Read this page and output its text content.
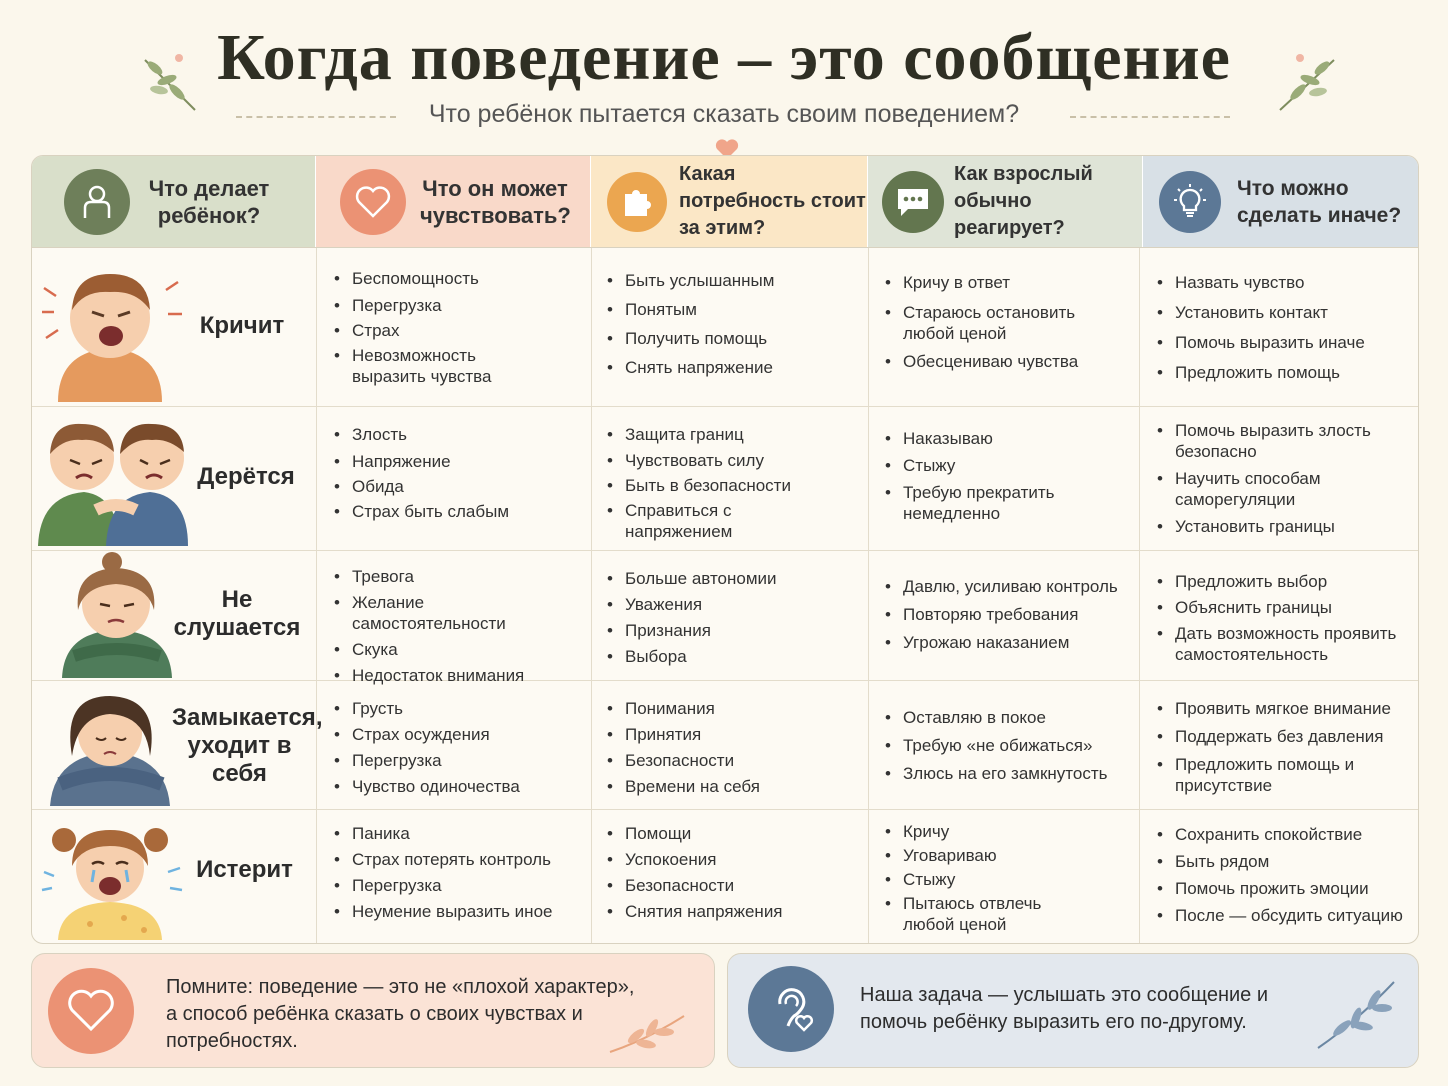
Когда поведение – это сообщение
Что ребёнок пытается сказать своим поведением?
Что делает ребёнок?
Что он может чувствовать?
Какая потребность стоит за этим?
Как взрослый обычно реагирует?
Что можно сделать иначе?
Кричит
• Беспомощность
• Перегрузка
• Страх
• Невозможность выразить чувства
• Быть услышанным
• Понятым
• Получить помощь
• Снять напряжение
• Кричу в ответ
• Стараюсь остановить любой ценой
• Обесцениваю чувства
• Назвать чувство
• Установить контакт
• Помочь выразить иначе
• Предложить помощь
Дерётся
• Злость
• Напряжение
• Обида
• Страх быть слабым
• Защита границ
• Чувствовать силу
• Быть в безопасности
• Справиться с напряжением
• Наказываю
• Стыжу
• Требую прекратить немедленно
• Помочь выразить злость безопасно
• Научить способам саморегуляции
• Установить границы
Не слушается
• Тревога
• Желание самостоятельности
• Скука
• Недостаток внимания
• Больше автономии
• Уважения
• Признания
• Выбора
• Давлю, усиливаю контроль
• Повторяю требования
• Угрожаю наказанием
• Предложить выбор
• Объяснить границы
• Дать возможность проявить самостоятельность
Замыкается, уходит в себя
• Грусть
• Страх осуждения
• Перегрузка
• Чувство одиночества
• Понимания
• Принятия
• Безопасности
• Времени на себя
• Оставляю в покое
• Требую «не обижаться»
• Злюсь на его замкнутость
• Проявить мягкое внимание
• Поддержать без давления
• Предложить помощь и присутствие
Истерит
• Паника
• Страх потерять контроль
• Перегрузка
• Неумение выразить иное
• Помощи
• Успокоения
• Безопасности
• Снятия напряжения
• Кричу
• Уговариваю
• Стыжу
• Пытаюсь отвлечь любой ценой
• Сохранить спокойствие
• Быть рядом
• Помочь прожить эмоции
• После — обсудить ситуацию
Помните: поведение — это не «плохой характер», а способ ребёнка сказать о своих чувствах и потребностях.
Наша задача — услышать это сообщение и помочь ребёнку выразить его по-другому.
